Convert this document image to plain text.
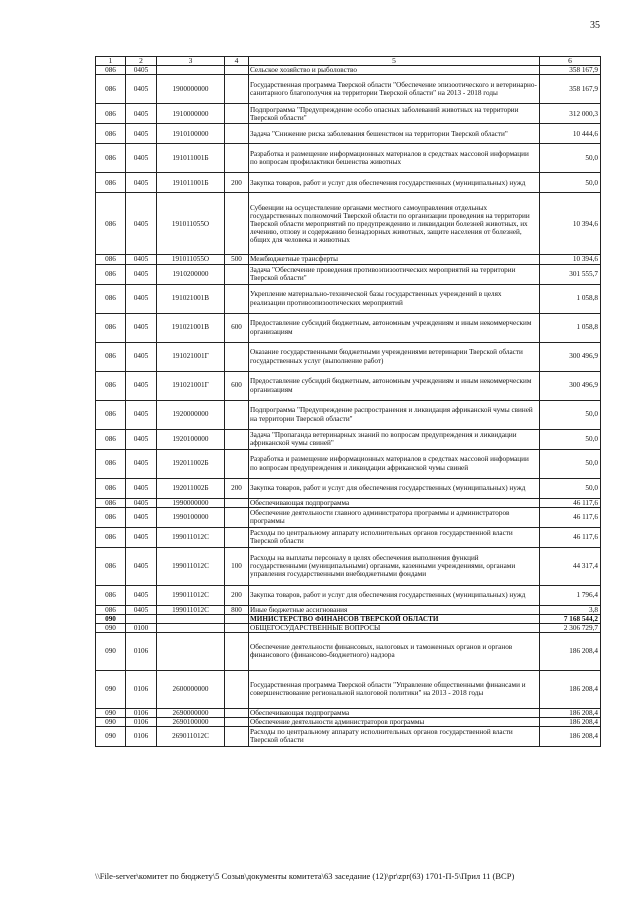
35
1	2	3	4	5	6
086	0405			Сельское хозяйство и рыболовство	358 167,9
086	0405	1900000000		Государственная программа Тверской области "Обеспечение эпизоотического и ветеринарно-санитарного благополучия на территории Тверской области" на 2013 - 2018 годы	358 167,9
086	0405	1910000000		Подпрограмма "Предупреждение особо опасных заболеваний животных на территории Тверской области"	312 000,3
086	0405	1910100000		Задача "Снижение риска заболевания бешенством на территории Тверской области"	10 444,6
086	0405	191011001Б		Разработка и размещение информационных материалов в средствах массовой информации по вопросам профилактики бешенства животных	50,0
086	0405	191011001Б	200	Закупка товаров, работ и услуг для обеспечения государственных (муниципальных) нужд	50,0
086	0405	191011055О		Субвенции на осуществление органами местного самоуправления отдельных государственных полномочий Тверской области по организации проведения на территории Тверской области мероприятий по предупреждению и ликвидации болезней животных, их лечению, отлову и содержанию безнадзорных животных, защите населения от болезней, общих для человека и животных	10 394,6
086	0405	191011055О	500	Межбюджетные трансферты	10 394,6
086	0405	1910200000		Задача "Обеспечение проведения противоэпизоотических мероприятий на территории Тверской области"	301 555,7
086	0405	191021001В		Укрепление материально-технической базы государственных учреждений в целях реализации противоэпизоотических мероприятий	1 058,8
086	0405	191021001В	600	Предоставление субсидий бюджетным, автономным учреждениям и иным некоммерческим организациям	1 058,8
086	0405	191021001Г		Оказание государственными бюджетными учреждениями ветеринарии Тверской области государственных услуг (выполнение работ)	300 496,9
086	0405	191021001Г	600	Предоставление субсидий бюджетным, автономным учреждениям и иным некоммерческим организациям	300 496,9
086	0405	1920000000		Подпрограмма "Предупреждение распространения и ликвидация африканской чумы свиней на территории Тверской области"	50,0
086	0405	1920100000		Задача "Пропаганда ветеринарных знаний по вопросам предупреждения и ликвидации африканской чумы свиней"	50,0
086	0405	192011002Б		Разработка и размещение информационных материалов в средствах массовой информации по вопросам предупреждения и ликвидации африканской чумы свиней	50,0
086	0405	192011002Б	200	Закупка товаров, работ и услуг для обеспечения государственных (муниципальных) нужд	50,0
086	0405	1990000000		Обеспечивающая подпрограмма	46 117,6
086	0405	1990100000		Обеспечение деятельности главного администратора программы и администраторов программы	46 117,6
086	0405	199011012С		Расходы по центральному аппарату исполнительных органов государственной власти Тверской области	46 117,6
086	0405	199011012С	100	Расходы на выплаты персоналу в целях обеспечения выполнения функций государственными (муниципальными) органами, казенными учреждениями, органами управления государственными внебюджетными фондами	44 317,4
086	0405	199011012С	200	Закупка товаров, работ и услуг для обеспечения государственных (муниципальных) нужд	1 796,4
086	0405	199011012С	800	Иные бюджетные ассигнования	3,8
090				МИНИСТЕРСТВО ФИНАНСОВ ТВЕРСКОЙ ОБЛАСТИ	7 168 544,2
090	0100			ОБЩЕГОСУДАРСТВЕННЫЕ ВОПРОСЫ	2 306 729,7
090	0106			Обеспечение деятельности финансовых, налоговых и таможенных органов и органов финансового (финансово-бюджетного) надзора	186 208,4
090	0106	2600000000		Государственная программа Тверской области "Управление общественными финансами и совершенствование региональной налоговой политики" на 2013 - 2018 годы	186 208,4
090	0106	2690000000		Обеспечивающая подпрограмма	186 208,4
090	0106	2690100000		Обеспечение деятельности администраторов программы	186 208,4
090	0106	269011012С		Расходы по центральному аппарату исполнительных органов государственной власти Тверской области	186 208,4
\\File-server\комитет по бюджету\5 Созыв\документы комитета\63 заседание (12)\pr\zpr(63) 1701-П-5\Прил 11 (ВСР)
